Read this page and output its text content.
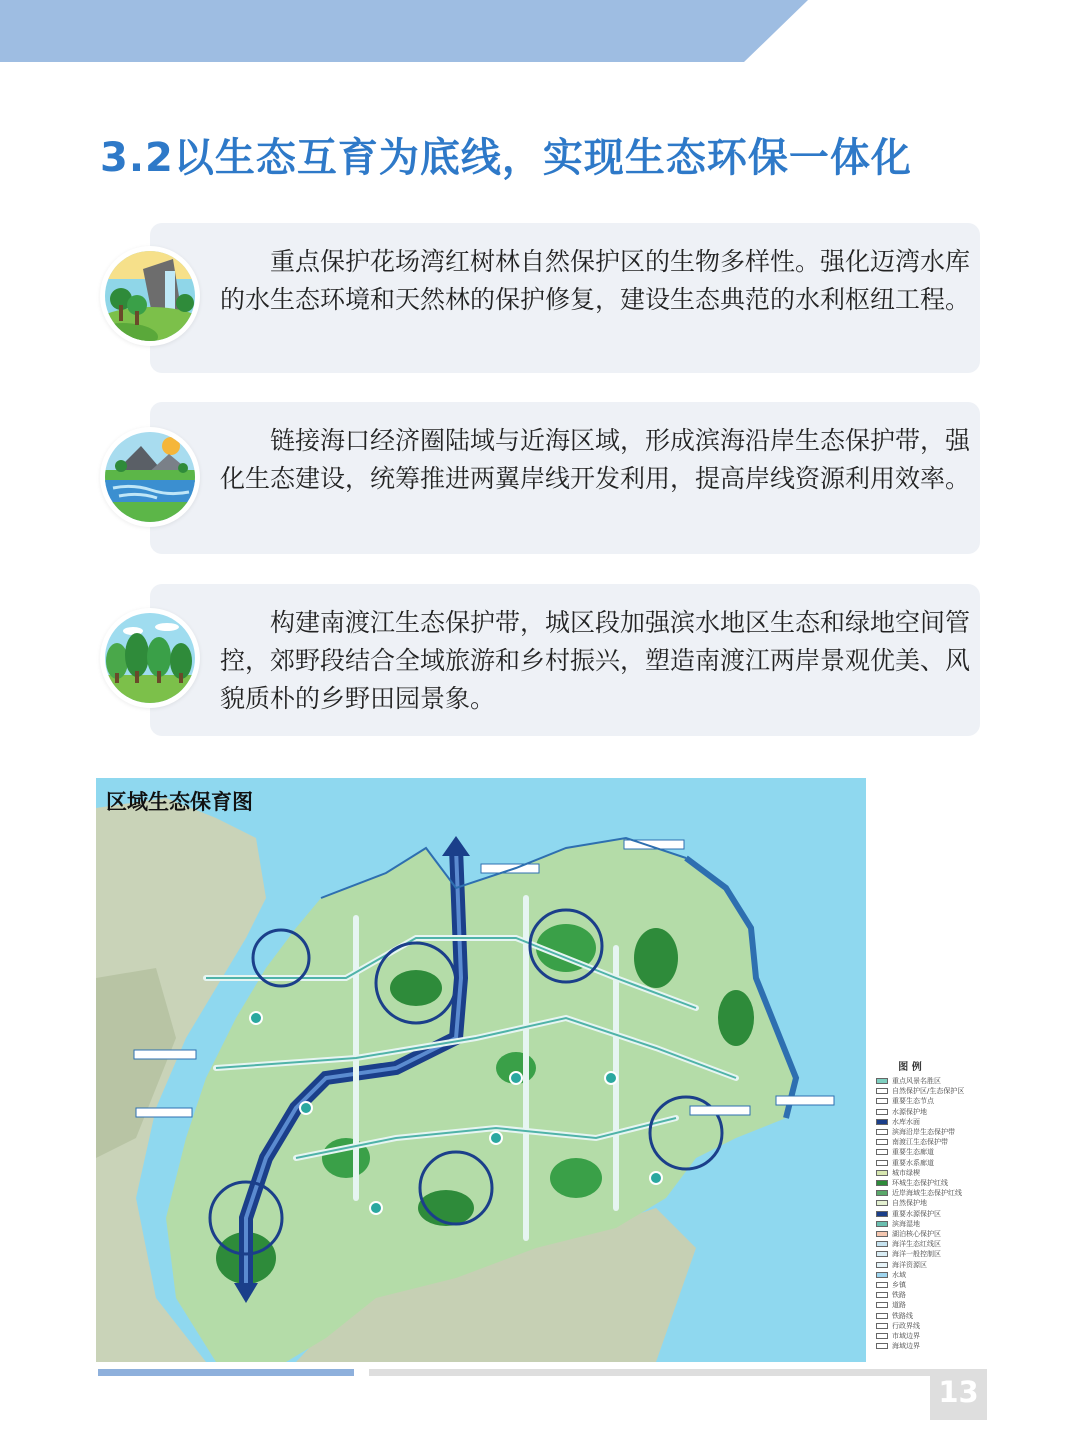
3.2以生态互育为底线，实现生态环保一体化

重点保护花场湾红树林自然保护区的生物多样性。强化迈湾水库的水生态环境和天然林的保护修复，建设生态典范的水利枢纽工程。

链接海口经济圈陆域与近海区域，形成滨海沿岸生态保护带，强化生态建设，统筹推进两翼岸线开发利用，提高岸线资源利用效率。

构建南渡江生态保护带，城区段加强滨水地区生态和绿地空间管控，郊野段结合全域旅游和乡村振兴，塑造南渡江两岸景观优美、风貌质朴的乡野田园景象。

区域生态保育图
图 例
重点风景名胜区
自然保护区/生态保护区
重要生态节点
水源保护地
水库水面
滨海沿岸生态保护带
南渡江生态保护带
重要生态廊道
重要水系廊道
城市绿楔
环城生态保护红线
近岸海域生态保护红线
自然保护地
重要水源保护区
滨海湿地
湖泊核心保护区
海洋生态红线区
海洋一般控制区
海洋资源区
水域
乡镇
铁路
道路
铁路线
行政界线
市域边界
海域边界
13
